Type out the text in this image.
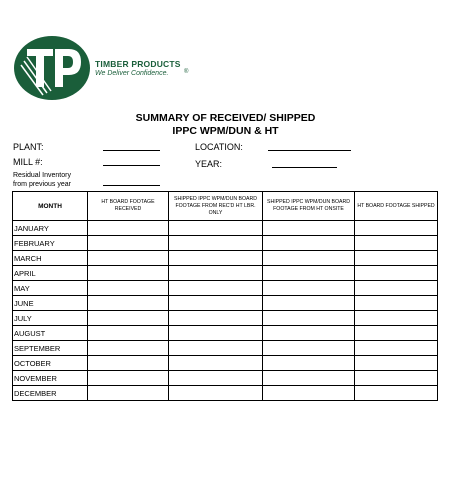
TIMBER PRODUCTS
We Deliver Confidence.	®
SUMMARY OF RECEIVED/ SHIPPED
IPPC WPM/DUN & HT
PLANT:	LOCATION:
MILL #:	YEAR:
Residual Inventory
from previous year
MONTH	HT BOARD FOOTAGE RECEIVED	SHIPPED IPPC WPM/DUN BOARD FOOTAGE FROM REC'D HT LBR. ONLY	SHIPPED IPPC WPM/DUN BOARD FOOTAGE FROM HT ONSITE	HT BOARD FOOTAGE SHIPPED
JANUARY				
FEBRUARY				
MARCH				
APRIL				
MAY				
JUNE				
JULY				
AUGUST				
SEPTEMBER				
OCTOBER				
NOVEMBER				
DECEMBER				
